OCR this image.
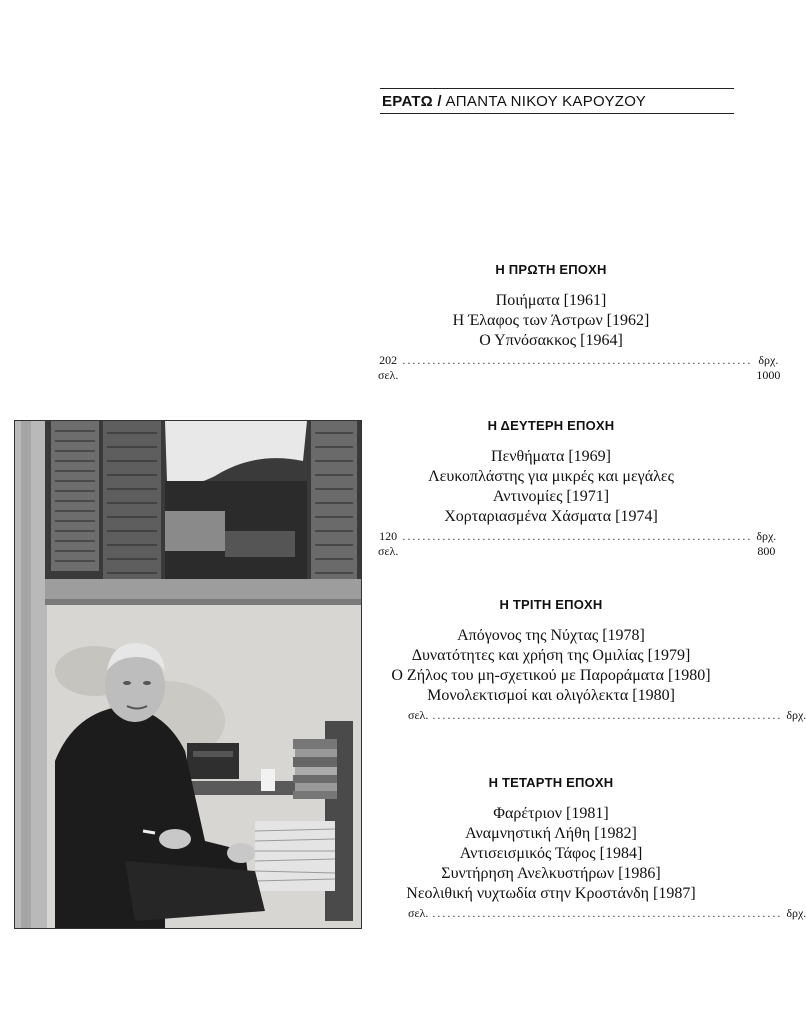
ΕΡΑΤΩ / ΑΠΑΝΤΑ ΝΙΚΟΥ ΚΑΡΟΥΖΟΥ
Η ΠΡΩΤΗ ΕΠΟΧΗ
Ποιήματα [1961]
Η Έλαφος των Άστρων [1962]
Ο Υπνόσακκος [1964]
202 σελ.
...................................................................... δρχ. 1000
Η ΔΕΥΤΕΡΗ ΕΠΟΧΗ
Πενθήματα [1969]
Λευκοπλάστης για μικρές και μεγάλες
Αντινομίες [1971]
Χορταριασμένα Χάσματα [1974]
120 σελ.
...................................................................... δρχ. 800
Η ΤΡΙΤΗ ΕΠΟΧΗ
Απόγονος της Νύχτας [1978]
Δυνατότητες και χρήση της Ομιλίας [1979]
Ο Ζήλος του μη-σχετικού με Παρoράματα [1980]
Μονολεκτισμοί και ολιγόλεκτα [1980]
σελ. ...................................................................... δρχ.
Η ΤΕΤΑΡΤΗ ΕΠΟΧΗ
Φαρέτριον [1981]
Αναμνηστική Λήθη [1982]
Αντισεισμικός Τάφος [1984]
Συντήρηση Ανελκυστήρων [1986]
Νεολιθική νυχτωδία στην Κροστάνδη [1987]
σελ. ...................................................................... δρχ.
